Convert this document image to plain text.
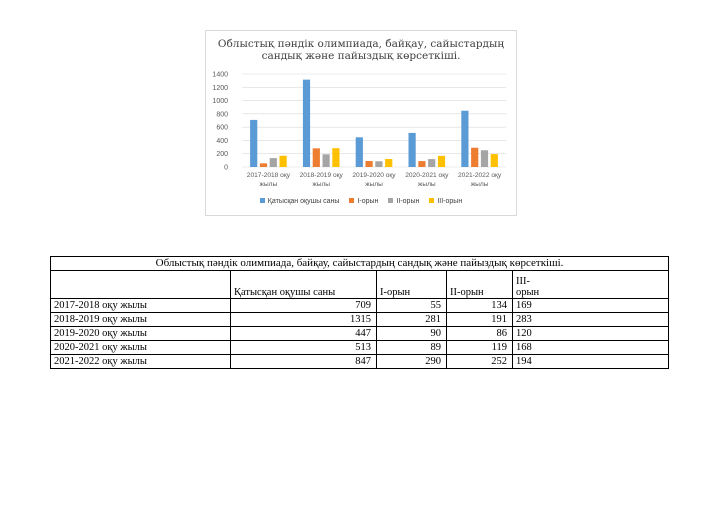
Облыстық пәндік олимпиада, байқау, сайыстардың сандық және пайыздық көрсеткіші.
0
200
400
600
800
1000
1200
1400
2017-2018 оқу
жылы
2018-2019 оқу
жылы
2019-2020 оқу
жылы
2020-2021 оқу
жылы
2021-2022 оқу
жылы
Қатысқан оқушы саны	I-орын	II-орын	III-орын
Облыстық пәндік олимпиада, байқау, сайыстардың сандық және пайыздық көрсеткіші.				
	Қатысқан оқушы саны	I-орын	II-орын	III-
орын
2017-2018 оқу жылы	709	55	134	169
2018-2019 оқу жылы	1315	281	191	283
2019-2020 оқу жылы	447	90	86	120
2020-2021 оқу жылы	513	89	119	168
2021-2022 оқу жылы	847	290	252	194
